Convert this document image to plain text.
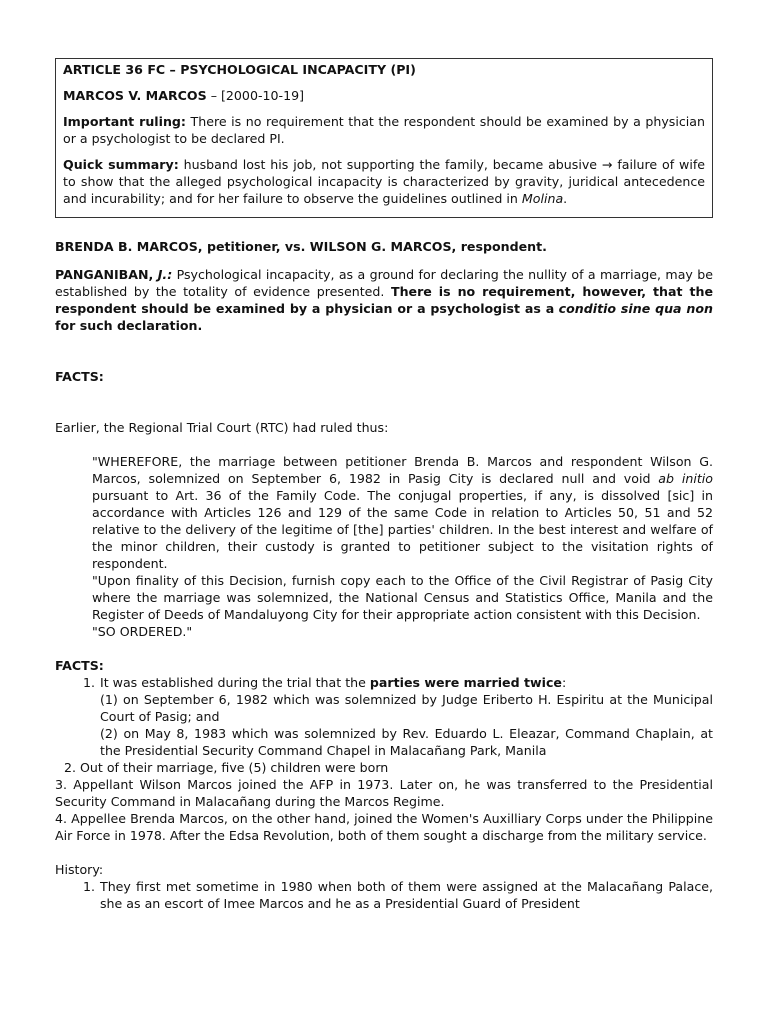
ARTICLE 36 FC – PSYCHOLOGICAL INCAPACITY (PI)

MARCOS V. MARCOS – [2000-10-19]

Important ruling: There is no requirement that the respondent should be examined by a physician or a psychologist to be declared PI.

Quick summary: husband lost his job, not supporting the family, became abusive → failure of wife to show that the alleged psychological incapacity is characterized by gravity, juridical antecedence and incurability; and for her failure to observe the guidelines outlined in Molina.

BRENDA B. MARCOS, petitioner, vs. WILSON G. MARCOS, respondent.

PANGANIBAN, J.: Psychological incapacity, as a ground for declaring the nullity of a marriage, may be established by the totality of evidence presented. There is no requirement, however, that the respondent should be examined by a physician or a psychologist as a conditio sine qua non for such declaration.

FACTS:

Earlier, the Regional Trial Court (RTC) had ruled thus:

"WHEREFORE, the marriage between petitioner Brenda B. Marcos and respondent Wilson G. Marcos, solemnized on September 6, 1982 in Pasig City is declared null and void ab initio pursuant to Art. 36 of the Family Code. The conjugal properties, if any, is dissolved [sic] in accordance with Articles 126 and 129 of the same Code in relation to Articles 50, 51 and 52 relative to the delivery of the legitime of [the] parties' children. In the best interest and welfare of the minor children, their custody is granted to petitioner subject to the visitation rights of respondent.

"Upon finality of this Decision, furnish copy each to the Office of the Civil Registrar of Pasig City where the marriage was solemnized, the National Census and Statistics Office, Manila and the Register of Deeds of Mandaluyong City for their appropriate action consistent with this Decision.

"SO ORDERED."

FACTS:

1. It was established during the trial that the parties were married twice:

(1) on September 6, 1982 which was solemnized by Judge Eriberto H. Espiritu at the Municipal Court of Pasig; and

(2) on May 8, 1983 which was solemnized by Rev. Eduardo L. Eleazar, Command Chaplain, at the Presidential Security Command Chapel in Malacañang Park, Manila

2. Out of their marriage, five (5) children were born

3. Appellant Wilson Marcos joined the AFP in 1973. Later on, he was transferred to the Presidential Security Command in Malacañang during the Marcos Regime.

4. Appellee Brenda Marcos, on the other hand, joined the Women's Auxilliary Corps under the Philippine Air Force in 1978. After the Edsa Revolution, both of them sought a discharge from the military service.

History:

1. They first met sometime in 1980 when both of them were assigned at the Malacañang Palace, she as an escort of Imee Marcos and he as a Presidential Guard of President
